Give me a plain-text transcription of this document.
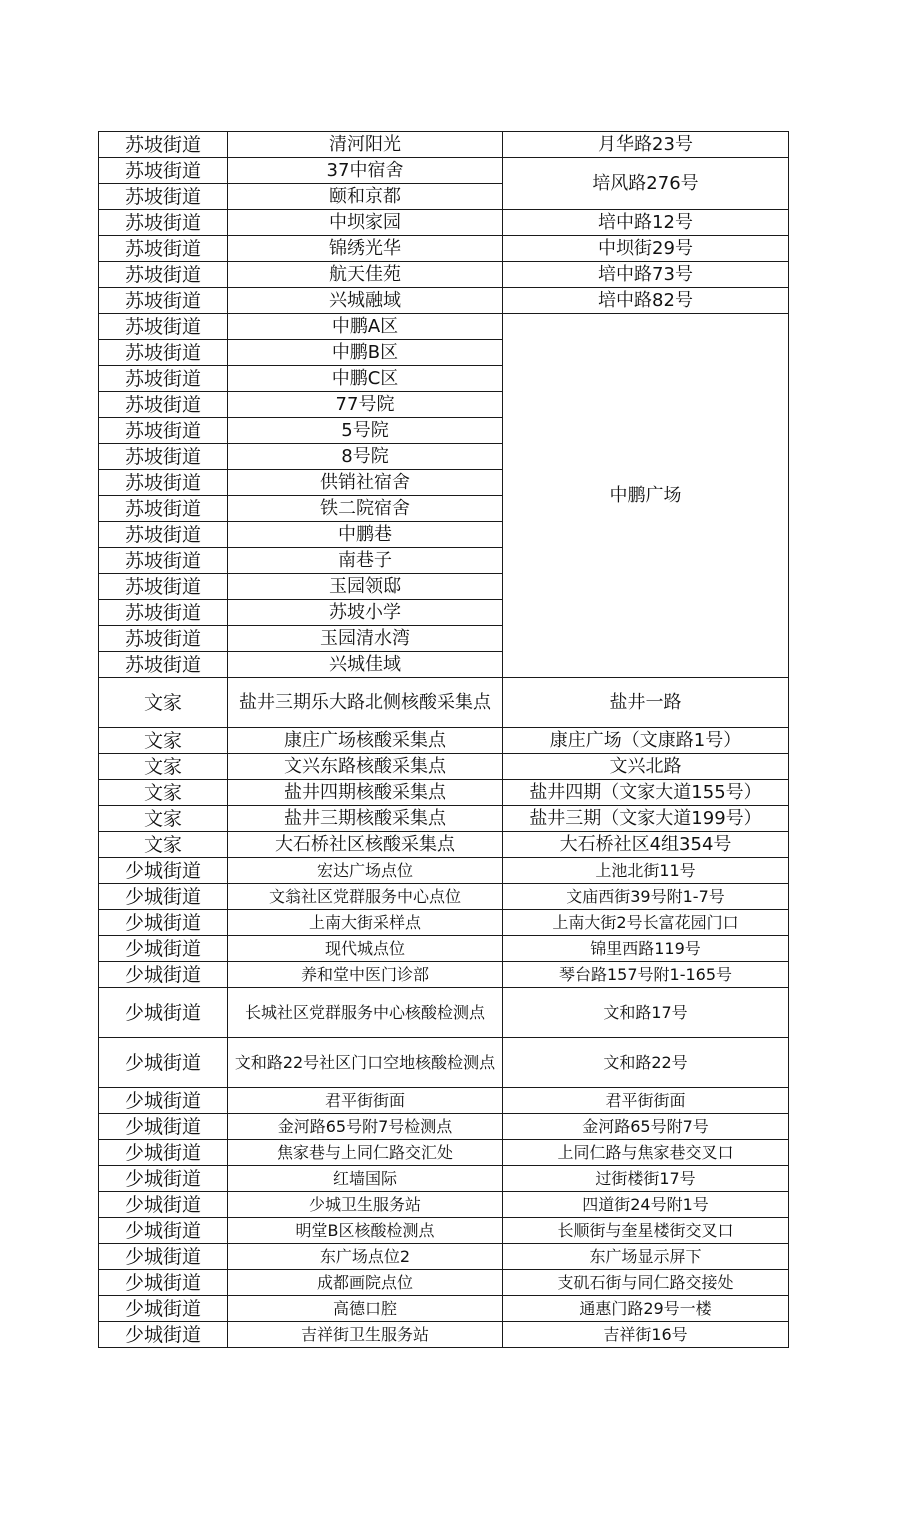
苏坡街道	清河阳光	月华路23号
苏坡街道	37中宿舍	培风路276号
苏坡街道	颐和京都	
苏坡街道	中坝家园	培中路12号
苏坡街道	锦绣光华	中坝街29号
苏坡街道	航天佳苑	培中路73号
苏坡街道	兴城融域	培中路82号
苏坡街道	中鹏A区	中鹏广场
苏坡街道	中鹏B区	
苏坡街道	中鹏C区	
苏坡街道	77号院	
苏坡街道	5号院	
苏坡街道	8号院	
苏坡街道	供销社宿舍	
苏坡街道	铁二院宿舍	
苏坡街道	中鹏巷	
苏坡街道	南巷子	
苏坡街道	玉园领邸	
苏坡街道	苏坡小学	
苏坡街道	玉园清水湾	
苏坡街道	兴城佳域	
文家	盐井三期乐大路北侧核酸采集点	盐井一路
文家	康庄广场核酸采集点	康庄广场（文康路1号）
文家	文兴东路核酸采集点	文兴北路
文家	盐井四期核酸采集点	盐井四期（文家大道155号）
文家	盐井三期核酸采集点	盐井三期（文家大道199号）
文家	大石桥社区核酸采集点	大石桥社区4组354号
少城街道	宏达广场点位	上池北街11号
少城街道	文翁社区党群服务中心点位	文庙西街39号附1-7号
少城街道	上南大街采样点	上南大街2号长富花园门口
少城街道	现代城点位	锦里西路119号
少城街道	养和堂中医门诊部	琴台路157号附1-165号
少城街道	长城社区党群服务中心核酸检测点	文和路17号
少城街道	文和路22号社区门口空地核酸检测点	文和路22号
少城街道	君平街街面	君平街街面
少城街道	金河路65号附7号检测点	金河路65号附7号
少城街道	焦家巷与上同仁路交汇处	上同仁路与焦家巷交叉口
少城街道	红墙国际	过街楼街17号
少城街道	少城卫生服务站	四道街24号附1号
少城街道	明堂B区核酸检测点	长顺街与奎星楼街交叉口
少城街道	东广场点位2	东广场显示屏下
少城街道	成都画院点位	支矶石街与同仁路交接处
少城街道	高德口腔	通惠门路29号一楼
少城街道	吉祥街卫生服务站	吉祥街16号
